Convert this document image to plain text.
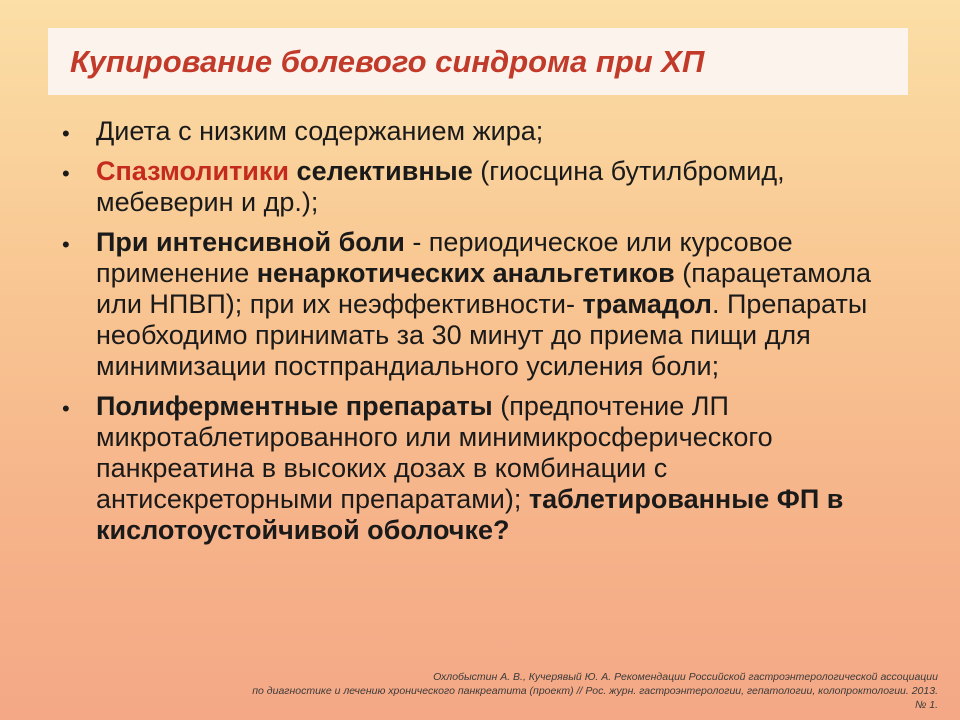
Купирование болевого синдрома при ХП
• Диета с низким содержанием жира;
• Спазмолитики селективные (гиосцина бутилбромид, мебеверин и др.);
• При интенсивной боли - периодическое или курсовое применение ненаркотических анальгетиков (парацетамола или НПВП); при их неэффективности- трамадол. Препараты необходимо принимать за 30 минут до приема пищи для минимизации постпрандиального усиления боли;
• Полиферментные препараты (предпочтение ЛП микротаблетированного или минимикросферического панкреатина в высоких дозах в комбинации с антисекреторными препаратами); таблетированные ФП в кислотоустойчивой оболочке?
Охлобыстин А. В., Кучерявый Ю. А. Рекомендации Российской гастроэнтерологической ассоциации
по диагностике и лечению хронического панкреатита (проект) // Рос. журн. гастроэнтерологии, гепатологии, колопроктологии. 2013. № 1.
